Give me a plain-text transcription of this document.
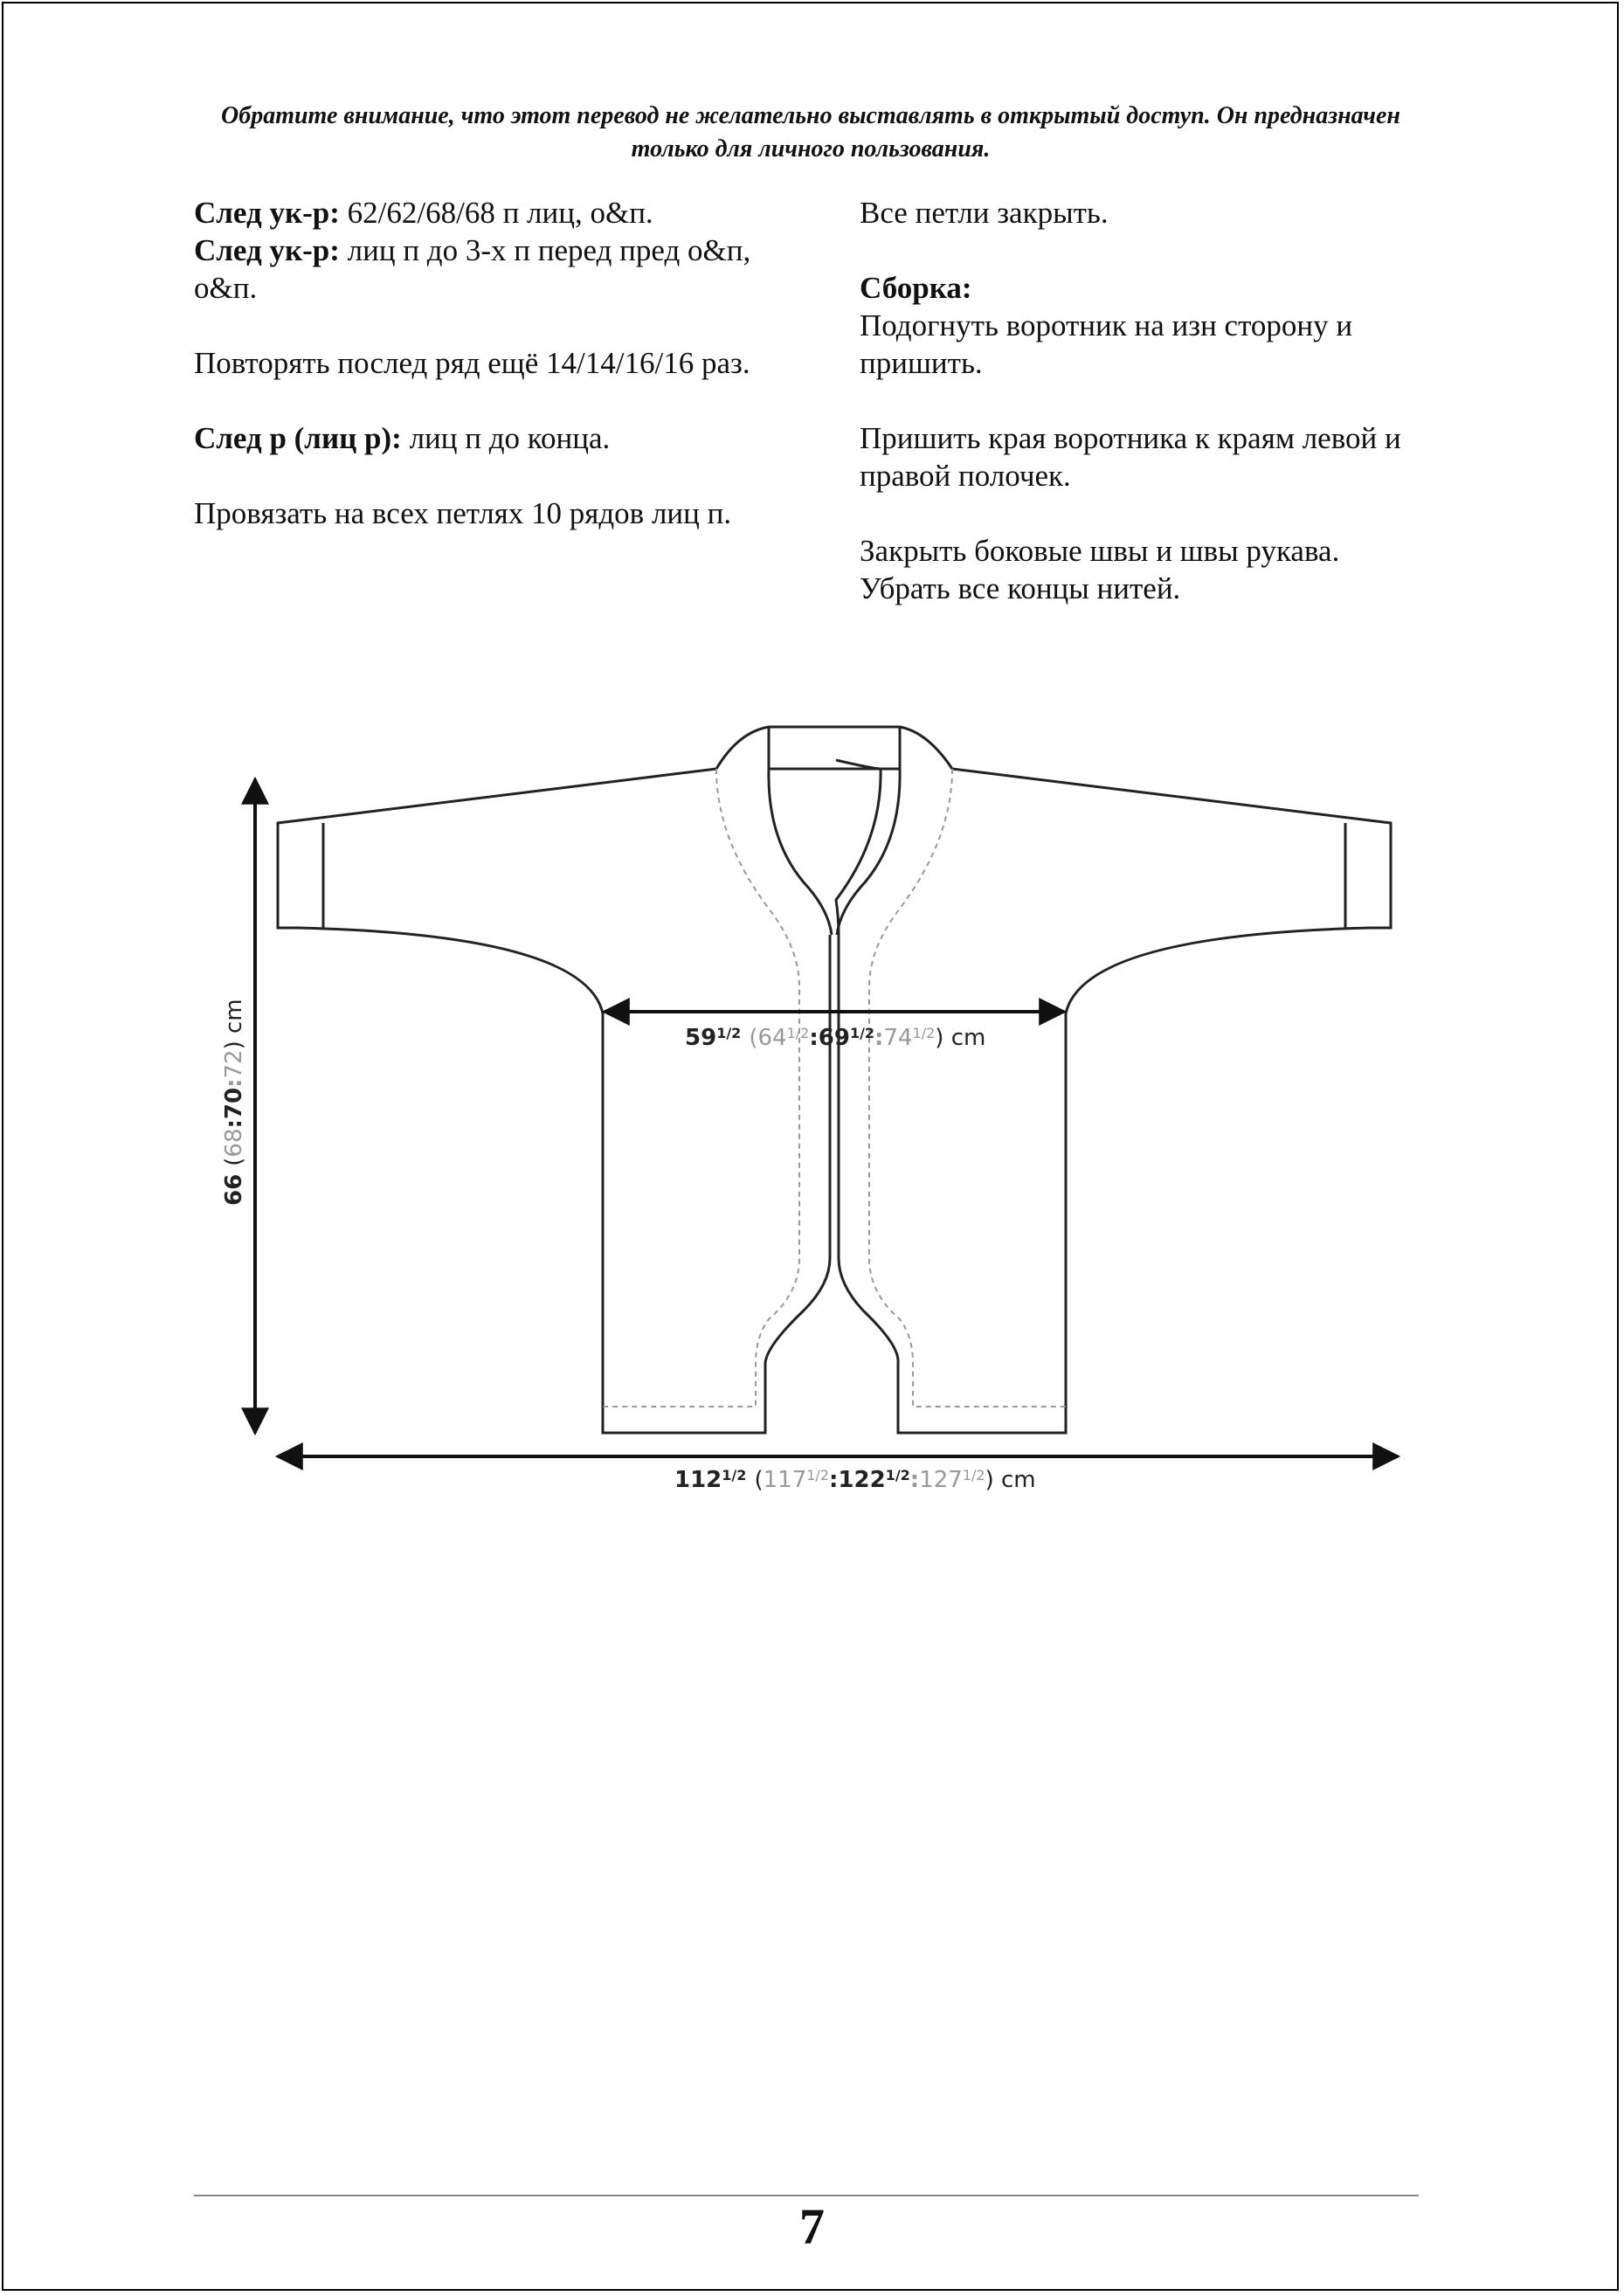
Обратите внимание, что этот перевод не желательно выставлять в открытый доступ. Он предназначен только для личного пользования.

След ук-р: 62/62/68/68 п лиц, о&п.

След ук-р: лиц п до 3-х п перед пред о&п, о&п.

Повторять послед ряд ещё 14/14/16/16 раз.

След р (лиц р): лиц п до конца.

Провязать на всех петлях 10 рядов лиц п.

Все петли закрыть.

Сборка:
Подогнуть воротник на изн сторону и пришить.

Пришить края воротника к краям левой и правой полочек.

Закрыть боковые швы и швы рукава.
Убрать все концы нитей.

$59^{1/2}$ $(64^{1/2}:69^{1/2}:74^{1/2})$ cm
66 (68:70:72) cm
$112^{1/2}$ $(117^{1/2}:122^{1/2}:127^{1/2})$ cm
7
